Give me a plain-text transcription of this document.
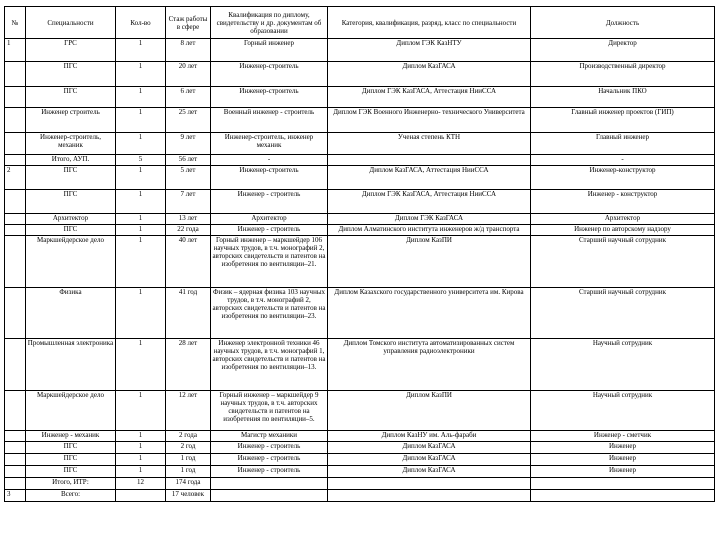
№	Специальности	Кол-во	Стаж работы в сфере	Квалификация по диплому, свидетельству и др. документам об образовании	Категория, квалификация, разряд, класс по специальности	Должность
1	ГРС	1	8 лет	Горный инженер	Диплом ГЭК КазНТУ	Директор
	ПГС	1	20 лет	Инженер-строитель	Диплом КазГАСА	Производственный директор
	ПГС	1	6 лет	Инженер-строитель	Диплом ГЭК КазГАСА, Аттестация НииССА	Начальник ПКО
	Инженер строитель	1	25 лет	Военный инженер - строитель	Диплом ГЭК Военного Инженерно- технического Университета	Главный инженер проектов (ГИП)
	Инженер-строитель, механик	1	9 лет	Инженер-строитель, инженер механик	Ученая степень КТН	Главный инженер
	Итого, АУП.	5	56 лет	-		-
2	ПГС	1	5 лет	Инженер-строитель	Диплом КазГАСА, Аттестация НииССА	Инженер-конструктор
	ПГС	1	7 лет	Инженер - строитель	Диплом ГЭК КазГАСА, Аттестация НииССА	Инженер - конструктор
	Архитектор	1	13 лет	Архитектор	Диплом ГЭК КазГАСА	Архитектор
	ПГС	1	22 года	Инженер - строитель	Диплом Алматинского института инженеров ж/д транспорта	Инженер по авторскому надзору
	Маркшейдерское дело	1	40 лет	Горный инженер – маркшейдер 106 научных трудов, в т.ч. монографий 2, авторских свидетельств и патентов на изобретения по вентиляции–21.	Диплом КазПИ	Старший научный сотрудник
	Физика	1	41 год	Физик – ядерная физика 103 научных трудов, в т.ч. монографий 2, авторских свидетельств и патентов на изобретения по вентиляции–23.	Диплом Казахского государственного университета им. Кирова	Старший научный сотрудник
	Промышленная электроника	1	28 лет	Инженер электронной техники 46 научных трудов, в т.ч. монографий 1, авторских свидетельств и патентов на изобретения по вентиляции–13.	Диплом Томского института автоматизированных систем управления радиоэлектроники	Научный сотрудник
	Маркшейдерское дело	1	12 лет	Горный инженер – маркшейдер 9 научных трудов, в т.ч. авторских свидетельств и патентов на изобретения по вентиляции–5.	Диплом КазПИ	Научный сотрудник
	Инженер - механик	1	2 года	Магистр механики	Диплом КазНУ им. Аль-фараби	Инженер - сметчик
	ПГС	1	2 год	Инженер - строитель	Диплом КазГАСА	Инженер
	ПГС	1	1 год	Инженер - строитель	Диплом КазГАСА	Инженер
	ПГС	1	1 год	Инженер - строитель	Диплом КазГАСА	Инженер
	Итого, ИТР:	12	174 года			
3	Всего:		17 человек			
